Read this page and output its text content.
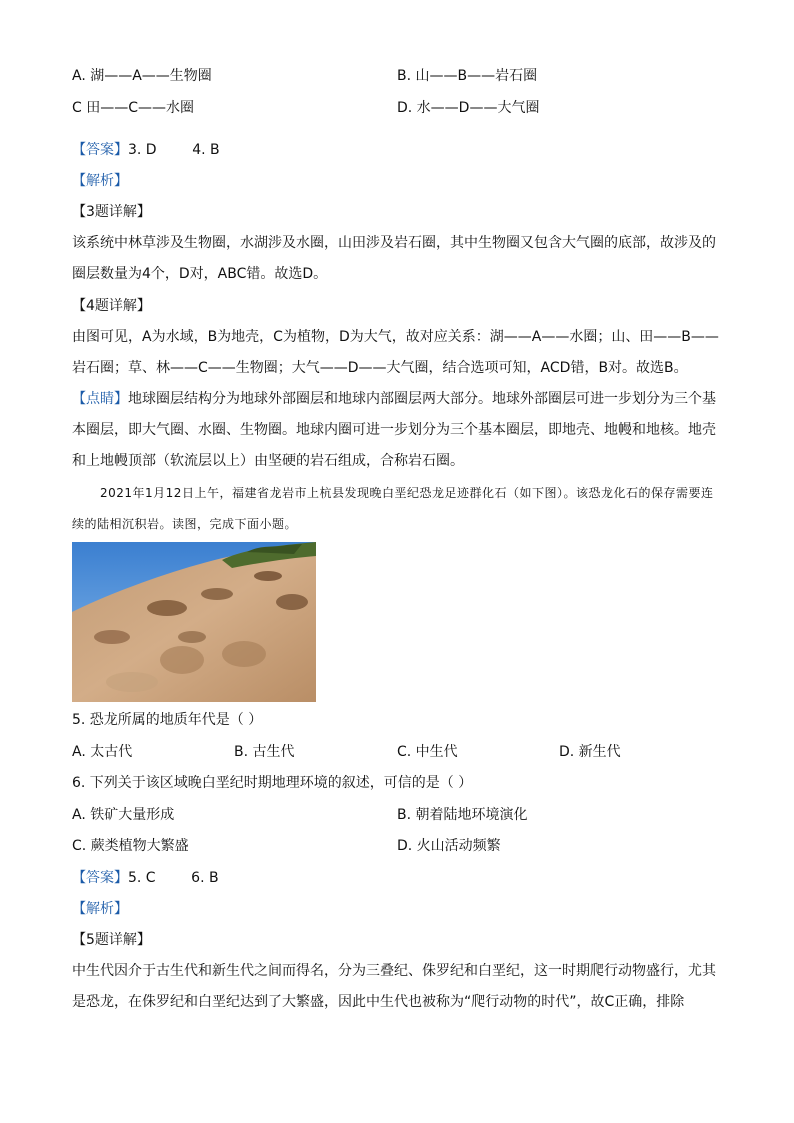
A. 湖——A——生物圈	B. 山——B——岩石圈
C 田——C——水圈	D. 水——D——大气圈
【答案】3. D        4. B
【解析】
【3题详解】
该系统中林草涉及生物圈，水湖涉及水圈，山田涉及岩石圈，其中生物圈又包含大气圈的底部，故涉及的圈层数量为4个，D对，ABC错。故选D。
【4题详解】
由图可见，A为水域，B为地壳，C为植物，D为大气，故对应关系：湖——A——水圈；山、田——B——岩石圈；草、林——C——生物圈；大气——D——大气圈，结合选项可知，ACD错，B对。故选B。
【点睛】地球圈层结构分为地球外部圈层和地球内部圈层两大部分。地球外部圈层可进一步划分为三个基本圈层，即大气圈、水圈、生物圈。地球内圈可进一步划分为三个基本圈层，即地壳、地幔和地核。地壳和上地幔顶部（软流层以上）由坚硬的岩石组成，合称岩石圈。
2021年1月12日上午，福建省龙岩市上杭县发现晚白垩纪恐龙足迹群化石（如下图）。该恐龙化石的保存需要连续的陆相沉积岩。读图，完成下面小题。
5. 恐龙所属的地质年代是（ ）
A. 太古代	B. 古生代	C. 中生代	D. 新生代
6. 下列关于该区域晚白垩纪时期地理环境的叙述，可信的是（ ）
A. 铁矿大量形成	B. 朝着陆地环境演化
C. 蕨类植物大繁盛	D. 火山活动频繁
【答案】5. C        6. B
【解析】
【5题详解】
中生代因介于古生代和新生代之间而得名，分为三叠纪、侏罗纪和白垩纪，这一时期爬行动物盛行，尤其是恐龙，在侏罗纪和白垩纪达到了大繁盛，因此中生代也被称为“爬行动物的时代”，故C正确，排除
